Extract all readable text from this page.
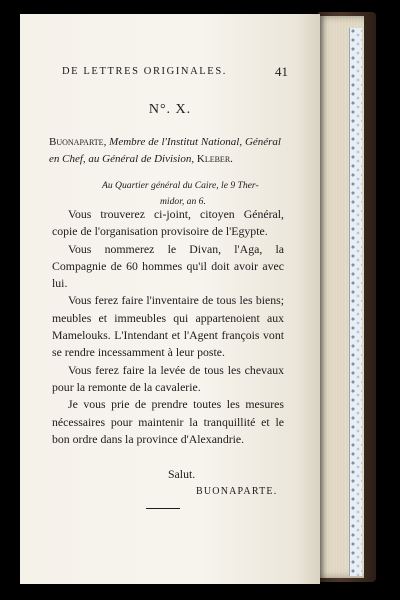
DE LETTRES ORIGINALES.	41
N°. X.
Buonaparte, Membre de l'Institut National, Général en Chef, au Général de Division, Kleber.
Au Quartier général du Caire, le 9 Ther-
midor, an 6.

Vous trouverez ci-joint, citoyen Général, copie de l'organisation provisoire de l'Egypte.

Vous nommerez le Divan, l'Aga, la Compagnie de 60 hommes qu'il doit avoir avec lui.

Vous ferez faire l'inventaire de tous les biens; meubles et immeubles qui appartenoient aux Mamelouks. L'Intendant et l'Agent françois vont se rendre incessamment à leur poste.

Vous ferez faire la levée de tous les chevaux pour la remonte de la cavalerie.

Je vous prie de prendre toutes les mesures nécessaires pour maintenir la tranquillité et le bon ordre dans la province d'Alexandrie.

Salut.
BUONAPARTE.
